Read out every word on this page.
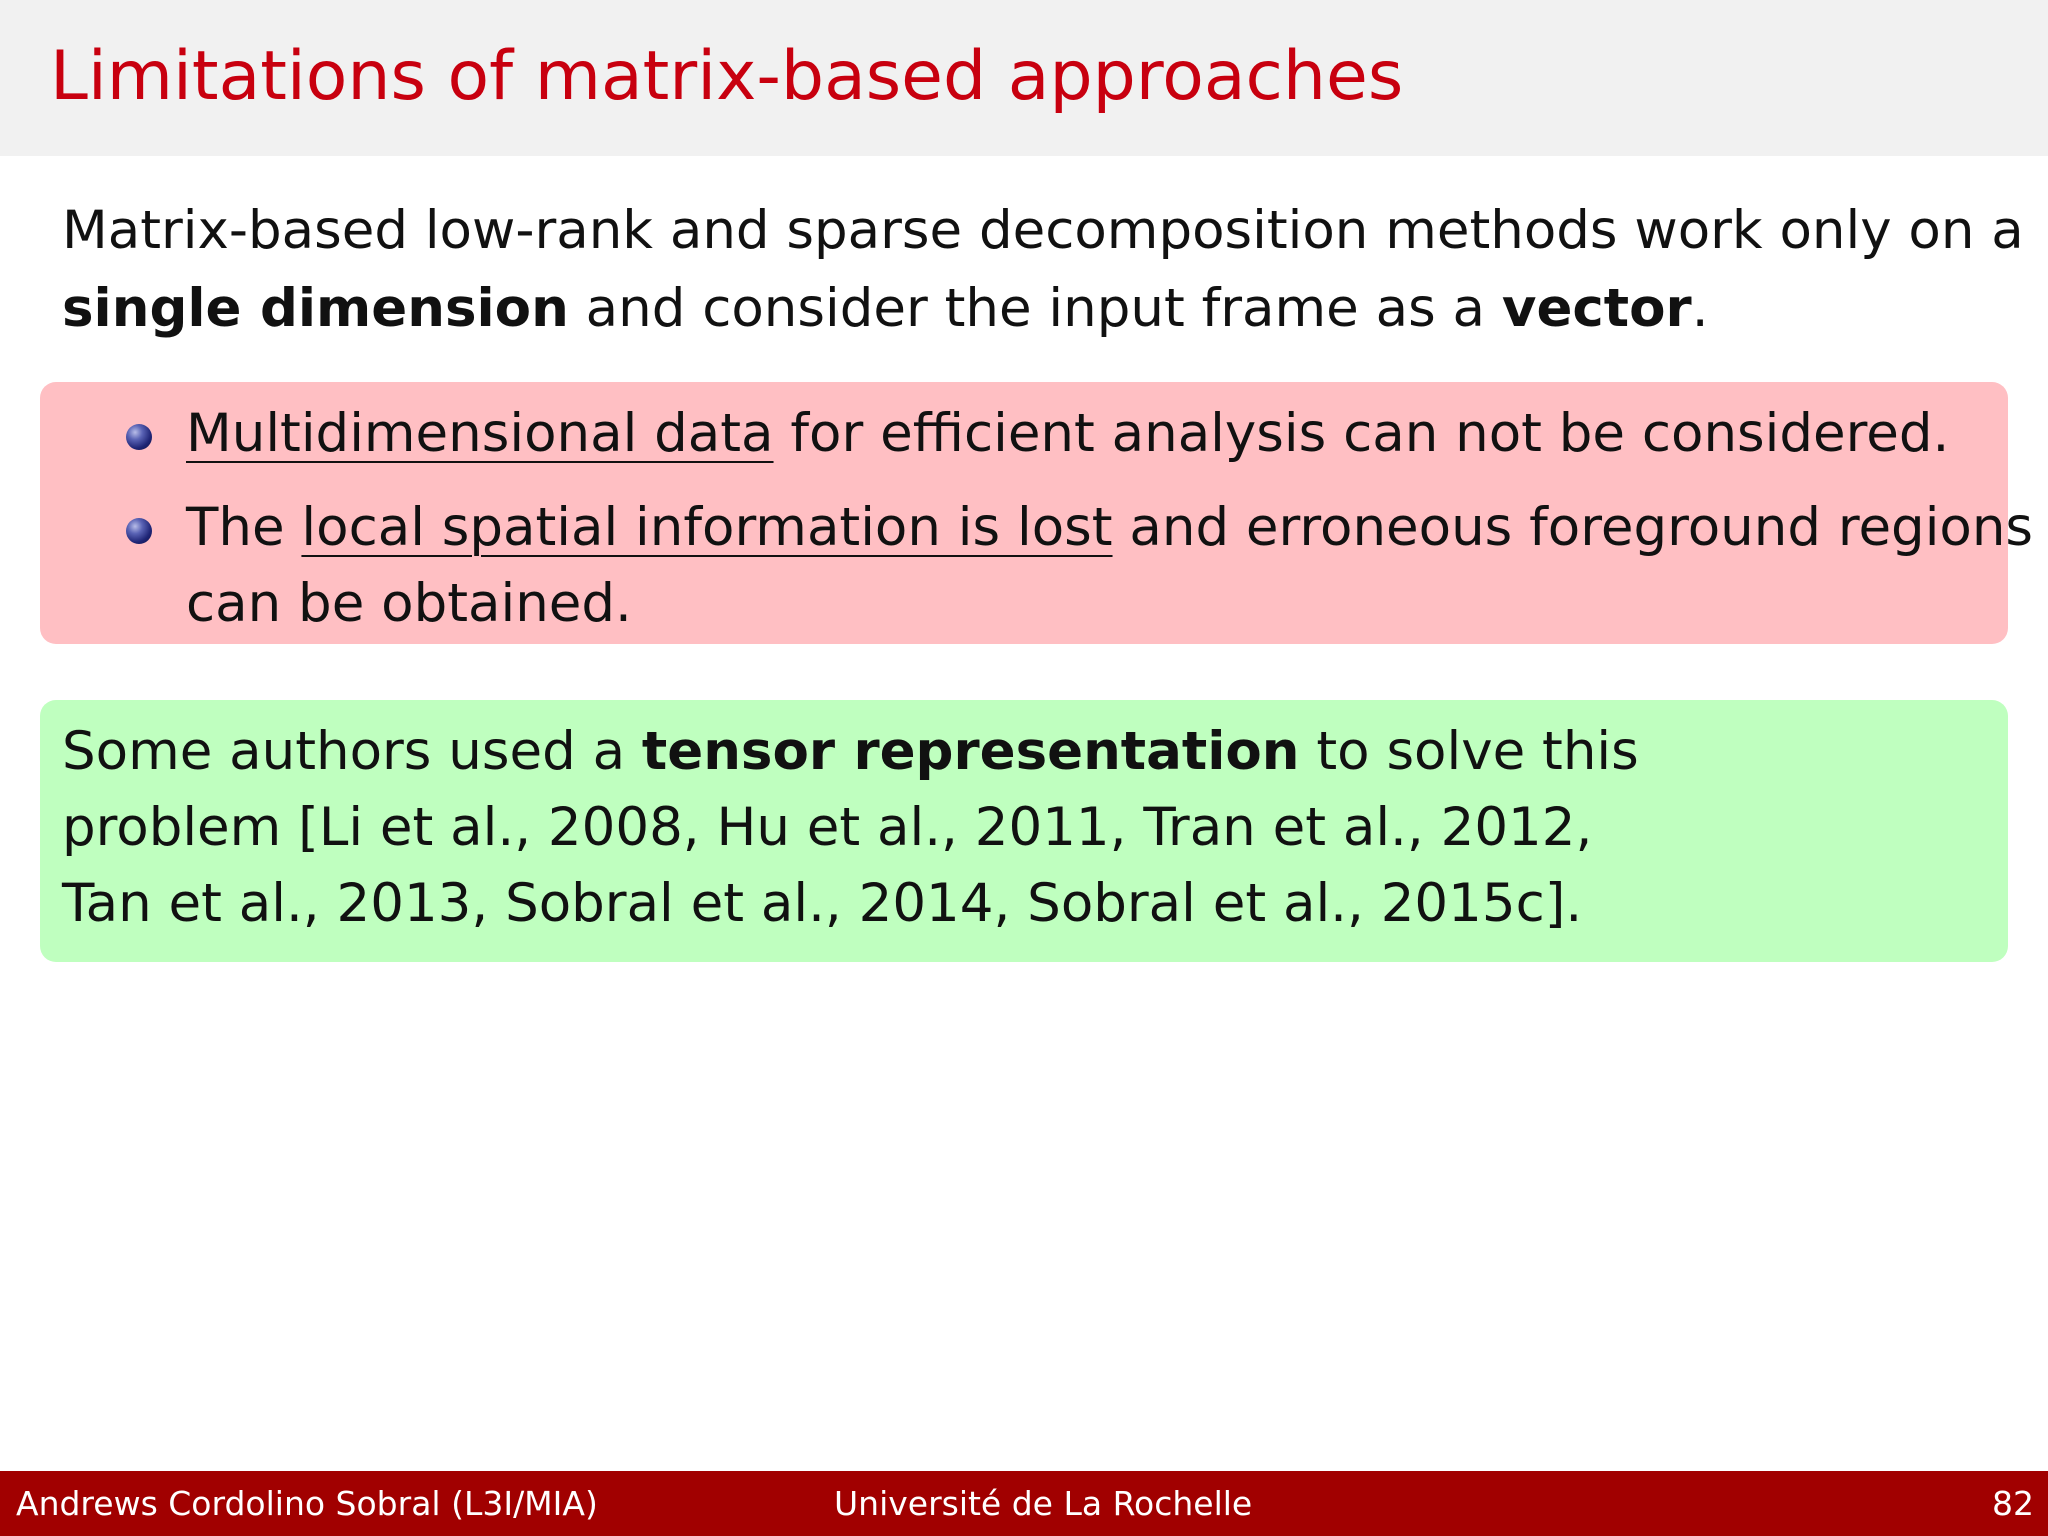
Limitations of matrix-based approaches

Matrix-based low-rank and sparse decomposition methods work only on a
single dimension and consider the input frame as a vector.

Multidimensional data for efficient analysis can not be considered.
The local spatial information is lost and erroneous foreground regions
can be obtained.

Some authors used a tensor representation to solve this
problem [Li et al., 2008, Hu et al., 2011, Tran et al., 2012,
Tan et al., 2013, Sobral et al., 2014, Sobral et al., 2015c].

Andrews Cordolino Sobral (L3I/MIA)	Université de La Rochelle	82
